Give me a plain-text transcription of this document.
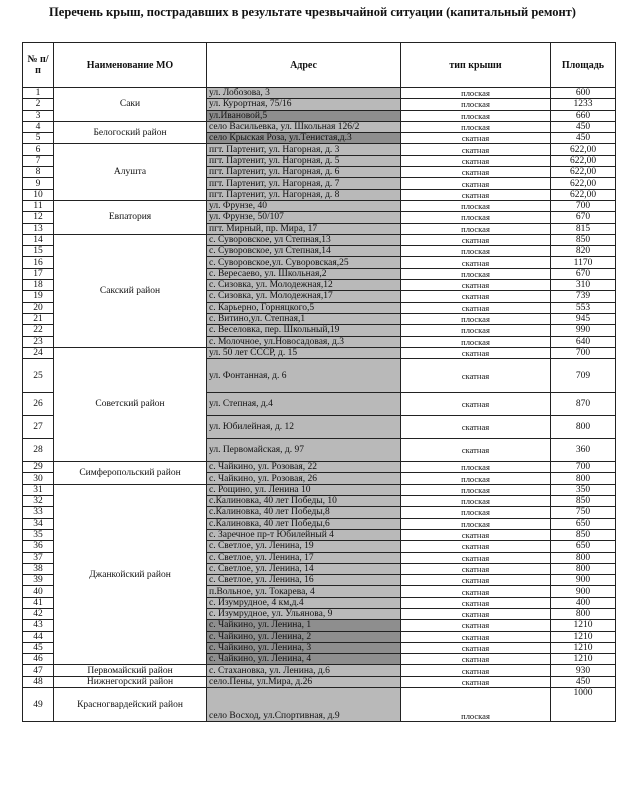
Перечень крыш, пострадавших в результате чрезвычайной ситуации (капитальный ремонт)
№ п/п	Наименование МО	Адрес	тип крыши	Площадь
1	Саки	ул. Лобозова, 3	плоская	600
2		ул. Курортная, 75/16	плоская	1233
3		ул.Ивановой,5	плоская	660
4	Белогоский район	село Васильевка, ул. Школьная 126/2	плоская	450
5		село Крыская Роза, ул.Тенистая,д.3	скатная	450
6	Алушта	пгт. Партенит, ул. Нагорная, д. 3	скатная	622,00
7		пгт. Партенит, ул. Нагорная, д. 5	скатная	622,00
8		пгт. Партенит, ул. Нагорная, д. 6	скатная	622,00
9		пгт. Партенит, ул. Нагорная, д. 7	скатная	622,00
10		пгт. Партенит, ул. Нагорная, д. 8	скатная	622,00
11	Евпатория	ул. Фрунзе, 40	плоская	700
12		ул. Фрунзе, 50/107	плоская	670
13		пгт. Мирный, пр. Мира, 17	плоская	815
14	Сакский район	с. Суворовское, ул Степная,13	скатная	850
15		с. Суворовское, ул Степная,14	плоская	820
16		с. Суворовское,ул. Суворовская,25	скатная	1170
17		с. Вересаево, ул. Школьная,2	плоская	670
18		с. Сизовка, ул. Молодежная,12	скатная	310
19		с. Сизовка, ул. Молодежная,17	скатная	739
20		с. Карьерно, Горняцкого,5	скатная	553
21		с. Витино,ул. Степная,1	плоская	945
22		с. Веселовка, пер. Школьный,19	плоская	990
23		с. Молочное, ул.Новосадовая, д.3	плоская	640
24	Советский район	ул. 50 лет СССР, д. 15	скатная	700
25		ул. Фонтанная, д. 6	скатная	709
26		ул. Степная, д.4	скатная	870
27		ул. Юбилейная, д. 12	скатная	800
28		ул. Первомайская, д. 97	скатная	360
29	Симферопольский район	с. Чайкино, ул. Розовая, 22	плоская	700
30		с. Чайкино, ул. Розовая, 26	плоская	800
31	Джанкойский район	с. Рощино, ул. Ленина 10	плоская	350
32		с.Калиновка, 40 лет Победы, 10	плоская	850
33		с.Калиновка, 40 лет Победы,8	плоская	750
34		с.Калиновка, 40 лет Победы,6	плоская	650
35		с. Заречное пр-т Юбилейный 4	скатная	850
36		с. Светлое, ул. Ленина, 19	скатная	650
37		с. Светлое, ул. Ленина, 17	скатная	800
38		с. Светлое, ул. Ленина, 14	скатная	800
39		с. Светлое, ул. Ленина, 16	скатная	900
40		п.Вольное, ул. Токарева, 4	скатная	900
41		с. Изумрудное, 4 км,д.4	скатная	400
42		с. Изумрудное, ул. Ульянова, 9	скатная	800
43		с. Чайкино, ул. Ленина, 1	скатная	1210
44		с. Чайкино, ул. Ленина, 2	скатная	1210
45		с. Чайкино, ул. Ленина, 3	скатная	1210
46		с. Чайкино, ул. Ленина, 4	скатная	1210
47	Первомайский район	с. Стахановка, ул. Ленина, д.6	скатная	930
48	Нижнегорский район	село.Пены, ул.Мира, д.26	скатная	450
49	Красногвардейский район	село Восход, ул.Спортивная, д.9	плоская	1000
